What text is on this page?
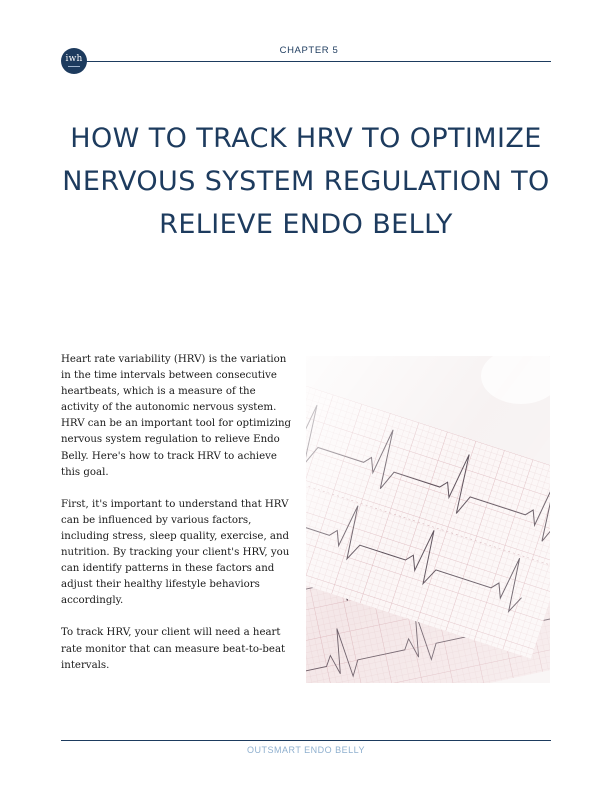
iwh
CHAPTER 5
HOW TO TRACK HRV TO OPTIMIZE NERVOUS SYSTEM REGULATION TO RELIEVE ENDO BELLY

Heart rate variability (HRV) is the variation in the time intervals between consecutive heartbeats, which is a measure of the activity of the autonomic nervous system. HRV can be an important tool for optimizing nervous system regulation to relieve Endo Belly. Here's how to track HRV to achieve this goal.

First, it's important to understand that HRV can be influenced by various factors, including stress, sleep quality, exercise, and nutrition. By tracking your client's HRV, you can identify patterns in these factors and adjust their healthy lifestyle behaviors accordingly.

To track HRV, your client will need a heart rate monitor that can measure beat-to-beat intervals.

OUTSMART ENDO BELLY
